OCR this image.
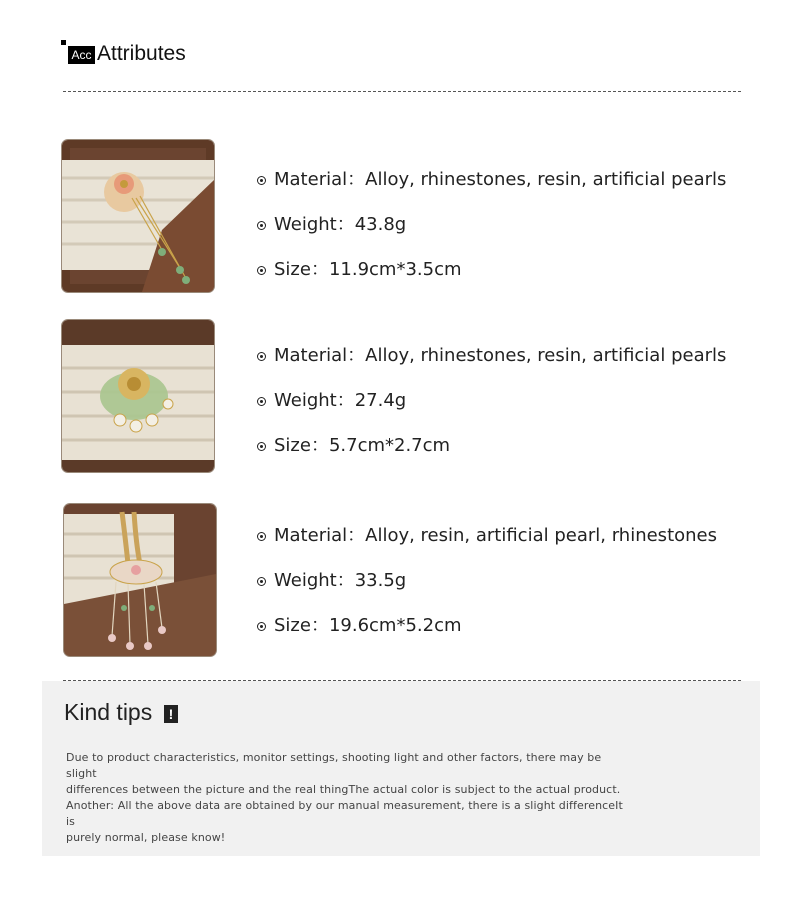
Acc Attributes
Material：Alloy, rhinestones, resin, artificial pearls
Weight：43.8g
Size：11.9cm*3.5cm
Material：Alloy, rhinestones, resin, artificial pearls
Weight：27.4g
Size：5.7cm*2.7cm
Material：Alloy, resin, artificial pearl, rhinestones
Weight：33.5g
Size：19.6cm*5.2cm
Kind tips	!
Due to product characteristics, monitor settings, shooting light and other factors, there may be slight
differences between the picture and the real thingThe actual color is subject to the actual product.
Another: All the above data are obtained by our manual measurement, there is a slight differenceIt is
purely normal, please know!
